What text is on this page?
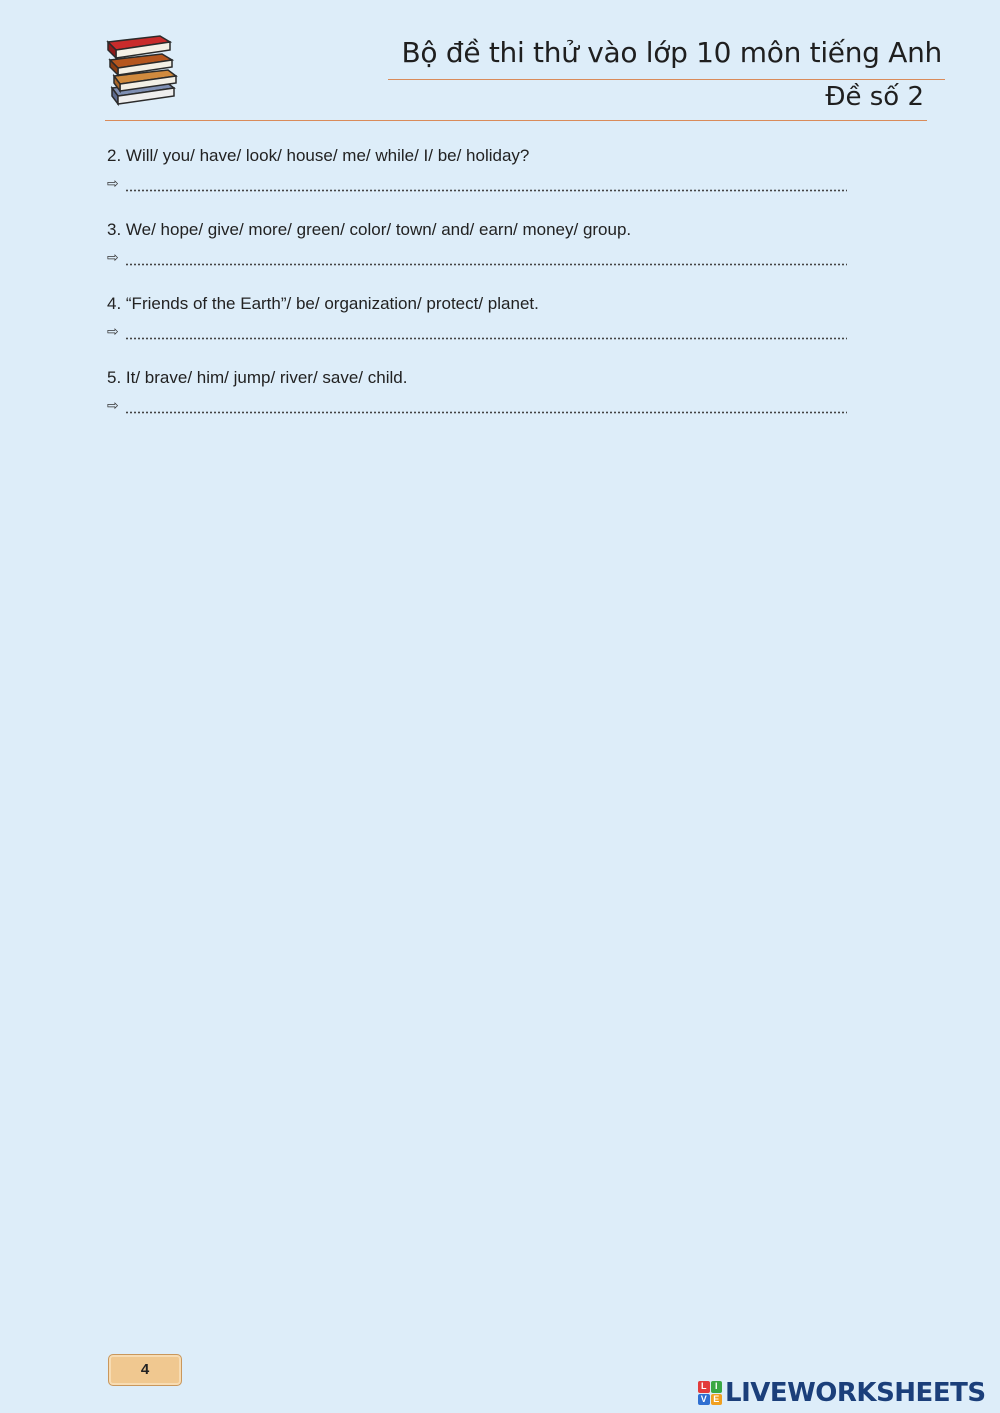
Bộ đề thi thử vào lớp 10 môn tiếng Anh
Đề số 2
2. Will/ you/ have/ look/ house/ me/ while/ I/ be/ holiday?
⇨
3. We/ hope/ give/ more/ green/ color/ town/ and/ earn/ money/ group.
⇨
4. “Friends of the Earth”/ be/ organization/ protect/ planet.
⇨
5. It/ brave/ him/ jump/ river/ save/ child.
⇨
4
L I
V E LIVEWORKSHEETS
